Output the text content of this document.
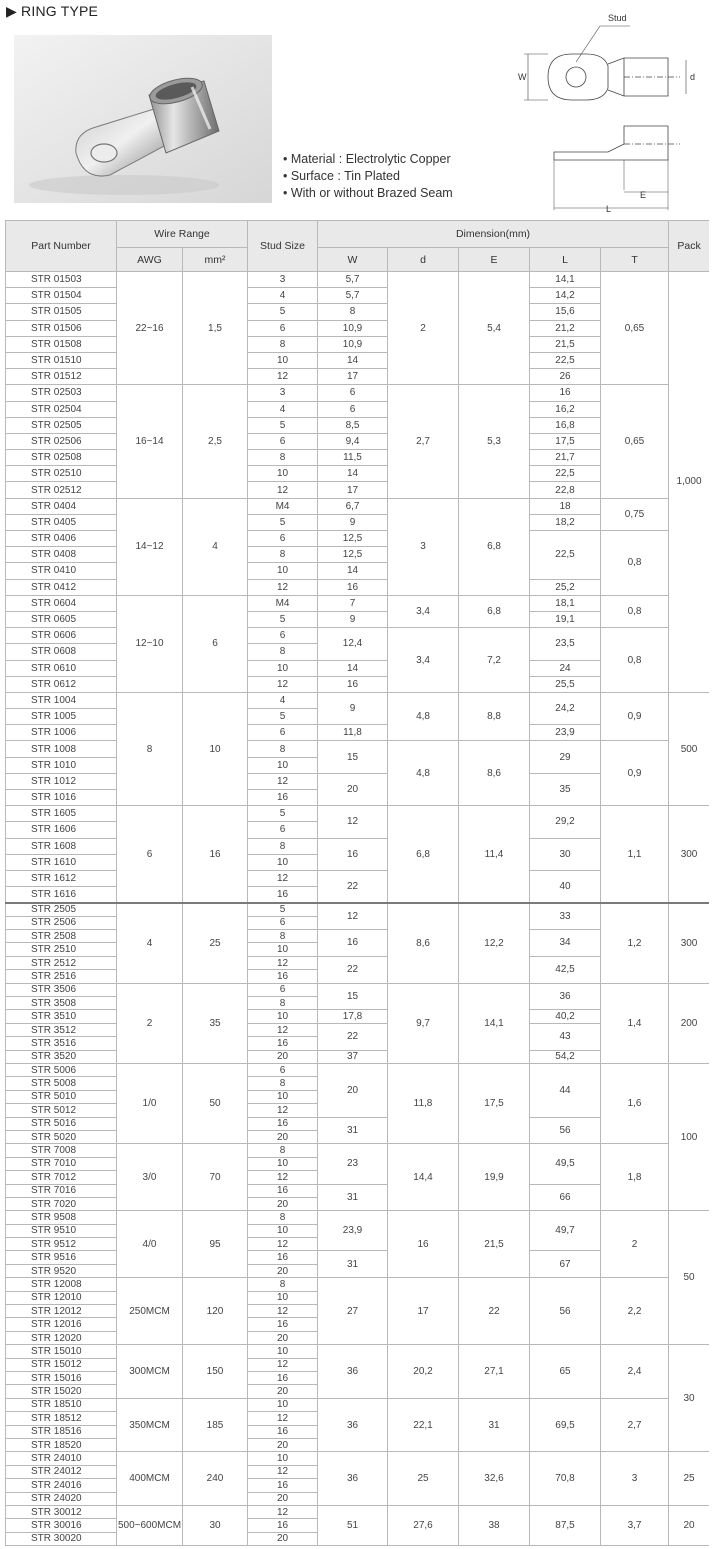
▶ RING TYPE
• Material : Electrolytic Copper
• Surface : Tin Plated
• With or without Brazed Seam
Stud
W	d
E
L
Part Number	Wire Range		Stud Size	Dimension(mm)					Pack
	AWG	mm²		W	d	E	L	T	
STR 01503	22~16	1,5	3	5,7	2	5,4	14,1	0,65	1,000
STR 01504			4	5,7			14,2		
STR 01505			5	8			15,6		
STR 01506			6	10,9			21,2		
STR 01508			8	10,9			21,5		
STR 01510			10	14			22,5		
STR 01512			12	17			26		
STR 02503	16~14	2,5	3	6	2,7	5,3	16	0,65	
STR 02504			4	6			16,2		
STR 02505			5	8,5			16,8		
STR 02506			6	9,4			17,5		
STR 02508			8	11,5			21,7		
STR 02510			10	14			22,5		
STR 02512			12	17			22,8		
STR 0404	14~12	4	M4	6,7	3	6,8	18	0,75	
STR 0405			5	9			18,2		
STR 0406			6	12,5			22,5	0,8	
STR 0408			8	12,5					
STR 0410			10	14					
STR 0412			12	16			25,2		
STR 0604	12~10	6	M4	7	3,4	6,8	18,1	0,8	
STR 0605			5	9			19,1		
STR 0606			6	12,4	3,4	7,2	23,5	0,8	
STR 0608			8						
STR 0610			10	14			24		
STR 0612			12	16			25,5		
STR 1004	8	10	4	9	4,8	8,8	24,2	0,9	500
STR 1005			5						
STR 1006			6	11,8			23,9		
STR 1008			8	15	4,8	8,6	29	0,9	
STR 1010			10						
STR 1012			12	20			35		
STR 1016			16						
STR 1605	6	16	5	12	6,8	11,4	29,2	1,1	300
STR 1606			6						
STR 1608			8	16			30		
STR 1610			10						
STR 1612			12	22			40		
STR 1616			16						
STR 2505	4	25	5	12	8,6	12,2	33	1,2	300
STR 2506			6						
STR 2508			8	16			34		
STR 2510			10						
STR 2512			12	22			42,5		
STR 2516			16						
STR 3506	2	35	6	15	9,7	14,1	36	1,4	200
STR 3508			8						
STR 3510			10	17,8			40,2		
STR 3512			12	22			43		
STR 3516			16						
STR 3520			20	37			54,2		
STR 5006	1/0	50	6	20	11,8	17,5	44	1,6	100
STR 5008			8						
STR 5010			10						
STR 5012			12						
STR 5016			16	31			56		
STR 5020			20						
STR 7008	3/0	70	8	23	14,4	19,9	49,5	1,8	
STR 7010			10						
STR 7012			12						
STR 7016			16	31			66		
STR 7020			20						
STR 9508	4/0	95	8	23,9	16	21,5	49,7	2	50
STR 9510			10						
STR 9512			12						
STR 9516			16	31			67		
STR 9520			20						
STR 12008	250MCM	120	8	27	17	22	56	2,2	
STR 12010			10						
STR 12012			12						
STR 12016			16						
STR 12020			20						
STR 15010	300MCM	150	10	36	20,2	27,1	65	2,4	30
STR 15012			12						
STR 15016			16						
STR 15020			20						
STR 18510	350MCM	185	10	36	22,1	31	69,5	2,7	
STR 18512			12						
STR 18516			16						
STR 18520			20						
STR 24010	400MCM	240	10	36	25	32,6	70,8	3	25
STR 24012			12						
STR 24016			16						
STR 24020			20						
STR 30012	500~600MCM	30	12	51	27,6	38	87,5	3,7	20
STR 30016			16						
STR 30020			20						
